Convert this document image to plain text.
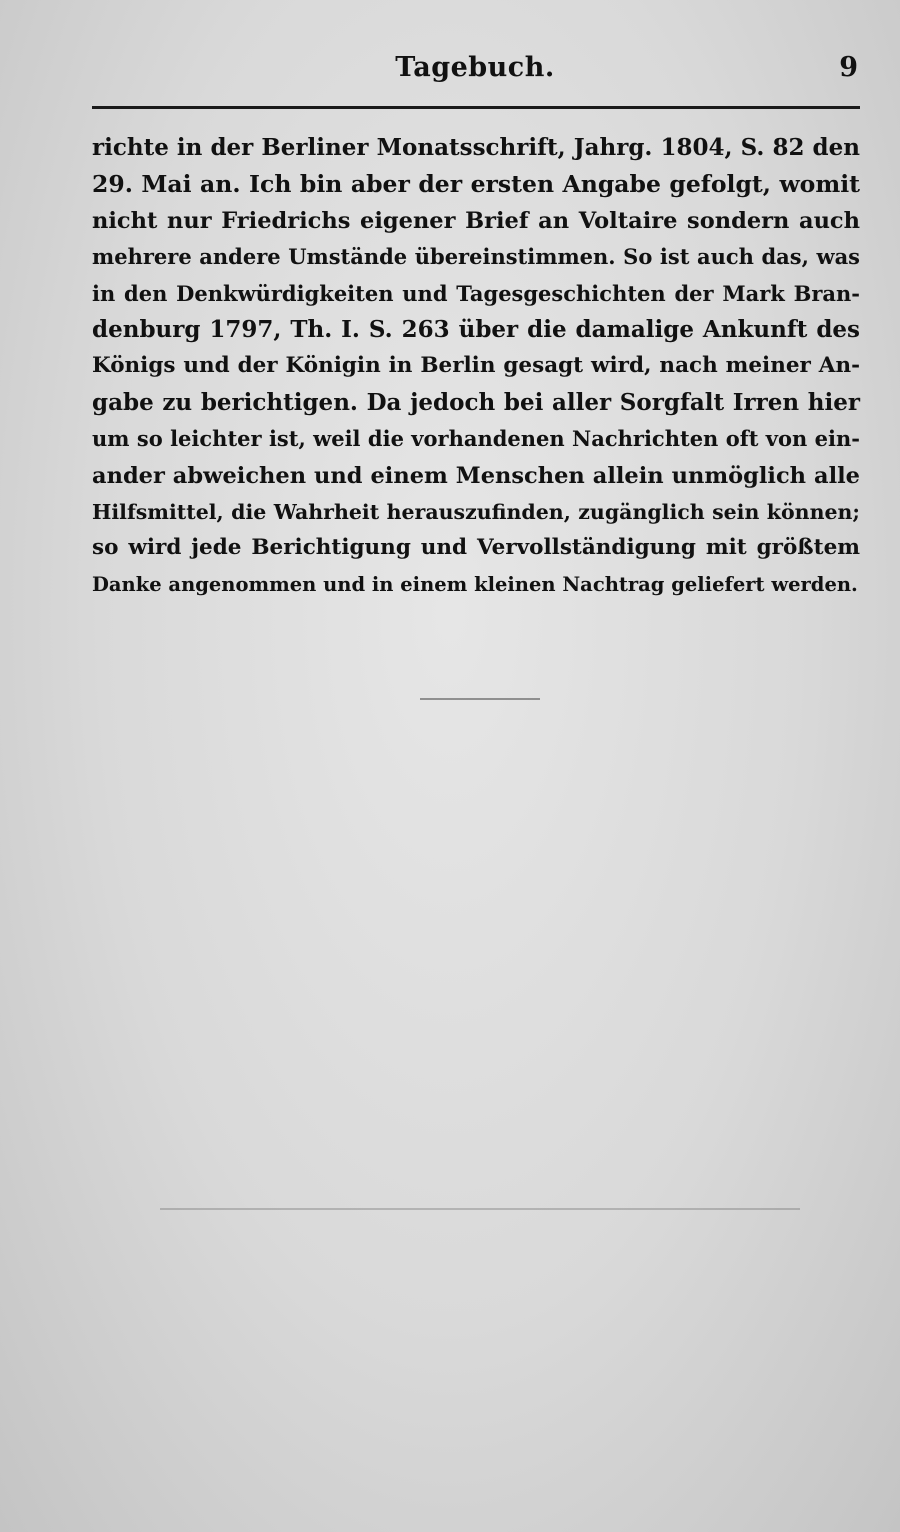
Tagebuch.	9
richte in der Berliner Monatsschrift, Jahrg. 1804, S. 82 den
29. Mai an. Ich bin aber der ersten Angabe gefolgt, womit
nicht nur Friedrichs eigener Brief an Voltaire sondern auch
mehrere andere Umstände übereinstimmen. So ist auch das, was
in den Denkwürdigkeiten und Tagesgeschichten der Mark Bran-
denburg 1797, Th. I. S. 263 über die damalige Ankunft des
Königs und der Königin in Berlin gesagt wird, nach meiner An-
gabe zu berichtigen. Da jedoch bei aller Sorgfalt Irren hier
um so leichter ist, weil die vorhandenen Nachrichten oft von ein-
ander abweichen und einem Menschen allein unmöglich alle
Hilfsmittel, die Wahrheit herauszufinden, zugänglich sein können;
so wird jede Berichtigung und Vervollständigung mit größtem
Danke angenommen und in einem kleinen Nachtrag geliefert werden.
